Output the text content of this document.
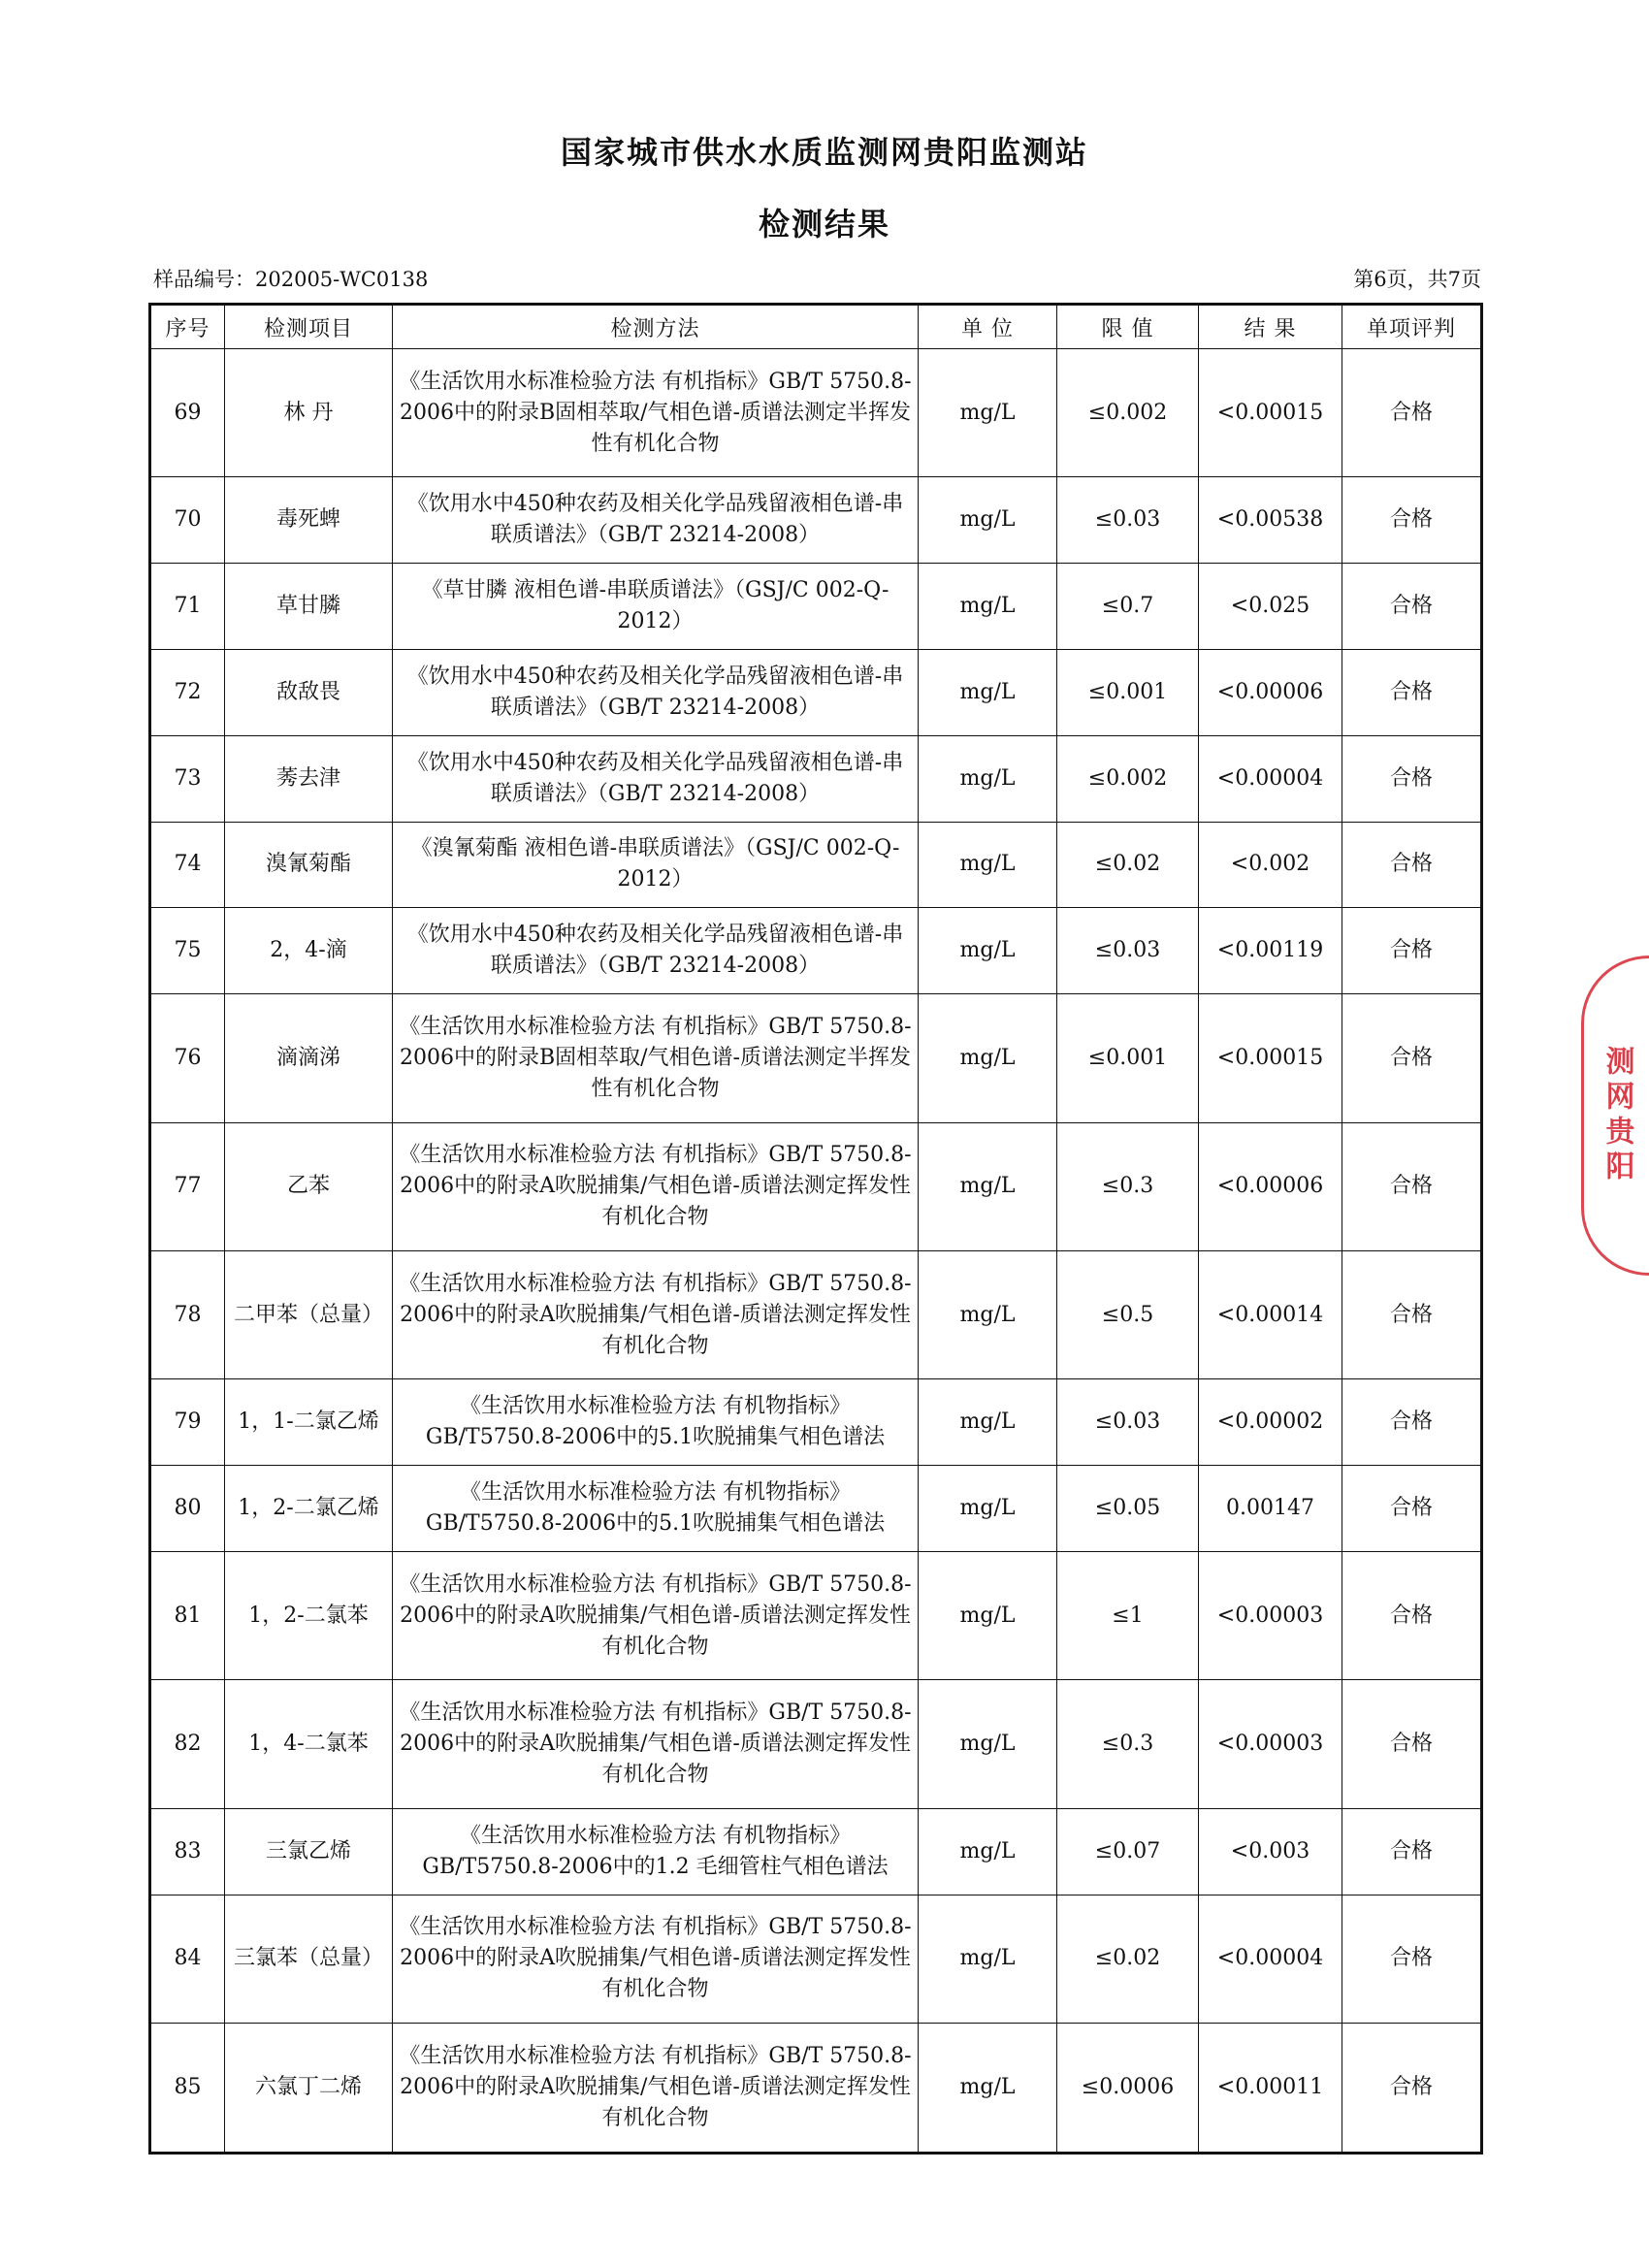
国家城市供水水质监测网贵阳监测站
检测结果
样品编号：202005-WC0138	第6页，共7页
序号	检测项目	检测方法	单 位	限 值	结 果	单项评判
69	林 丹	《生活饮用水标准检验方法 有机指标》GB/T 5750.8-2006中的附录B固相萃取/气相色谱-质谱法测定半挥发性有机化合物	mg/L	≤0.002	<0.00015	合格
70	毒死蜱	《饮用水中450种农药及相关化学品残留液相色谱-串联质谱法》（GB/T 23214-2008）	mg/L	≤0.03	<0.00538	合格
71	草甘膦	《草甘膦 液相色谱-串联质谱法》（GSJ/C 002-Q-2012）	mg/L	≤0.7	<0.025	合格
72	敌敌畏	《饮用水中450种农药及相关化学品残留液相色谱-串联质谱法》（GB/T 23214-2008）	mg/L	≤0.001	<0.00006	合格
73	莠去津	《饮用水中450种农药及相关化学品残留液相色谱-串联质谱法》（GB/T 23214-2008）	mg/L	≤0.002	<0.00004	合格
74	溴氰菊酯	《溴氰菊酯 液相色谱-串联质谱法》（GSJ/C 002-Q-2012）	mg/L	≤0.02	<0.002	合格
75	2，4-滴	《饮用水中450种农药及相关化学品残留液相色谱-串联质谱法》（GB/T 23214-2008）	mg/L	≤0.03	<0.00119	合格
76	滴滴涕	《生活饮用水标准检验方法 有机指标》GB/T 5750.8-2006中的附录B固相萃取/气相色谱-质谱法测定半挥发性有机化合物	mg/L	≤0.001	<0.00015	合格
77	乙苯	《生活饮用水标准检验方法 有机指标》GB/T 5750.8-2006中的附录A吹脱捕集/气相色谱-质谱法测定挥发性有机化合物	mg/L	≤0.3	<0.00006	合格
78	二甲苯（总量）	《生活饮用水标准检验方法 有机指标》GB/T 5750.8-2006中的附录A吹脱捕集/气相色谱-质谱法测定挥发性有机化合物	mg/L	≤0.5	<0.00014	合格
79	1，1-二氯乙烯	《生活饮用水标准检验方法 有机物指标》GB/T5750.8-2006中的5.1吹脱捕集气相色谱法	mg/L	≤0.03	<0.00002	合格
80	1，2-二氯乙烯	《生活饮用水标准检验方法 有机物指标》GB/T5750.8-2006中的5.1吹脱捕集气相色谱法	mg/L	≤0.05	0.00147	合格
81	1，2-二氯苯	《生活饮用水标准检验方法 有机指标》GB/T 5750.8-2006中的附录A吹脱捕集/气相色谱-质谱法测定挥发性有机化合物	mg/L	≤1	<0.00003	合格
82	1，4-二氯苯	《生活饮用水标准检验方法 有机指标》GB/T 5750.8-2006中的附录A吹脱捕集/气相色谱-质谱法测定挥发性有机化合物	mg/L	≤0.3	<0.00003	合格
83	三氯乙烯	《生活饮用水标准检验方法 有机物指标》GB/T5750.8-2006中的1.2 毛细管柱气相色谱法	mg/L	≤0.07	<0.003	合格
84	三氯苯（总量）	《生活饮用水标准检验方法 有机指标》GB/T 5750.8-2006中的附录A吹脱捕集/气相色谱-质谱法测定挥发性有机化合物	mg/L	≤0.02	<0.00004	合格
85	六氯丁二烯	《生活饮用水标准检验方法 有机指标》GB/T 5750.8-2006中的附录A吹脱捕集/气相色谱-质谱法测定挥发性有机化合物	mg/L	≤0.0006	<0.00011	合格
测网贵阳
